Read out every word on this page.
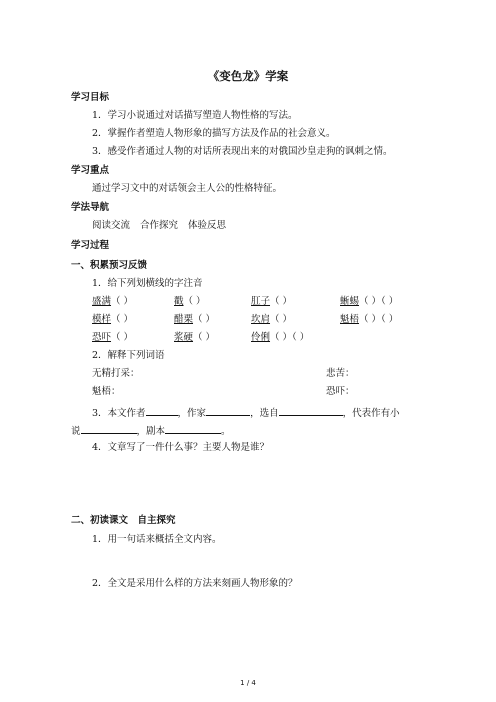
《变色龙》学案
学习目标
1．学习小说通过对话描写塑造人物性格的写法。
2．掌握作者塑造人物形象的描写方法及作品的社会意义。
3．感受作者通过人物的对话所表现出来的对俄国沙皇走狗的讽刺之情。
学习重点
通过学习文中的对话领会主人公的性格特征。
学法导航
阅读交流 合作探究 体验反思
学习过程
一、积累预习反馈
1．给下列划横线的字注音
盛满（ ）	戳（ ）	肛子（ ）	蜥蜴（ ）（ ）
模样（ ）	醋栗（ ）	坎肩（ ）	魁梧（ ）（ ）
恐吓（ ）	浆硬（ ）	伶俐（ ）（ ）
2．解释下列词语
无精打采：	悲苦：
魁梧：	恐吓：
3．本文作者	，作家	，选自	，代表作有小
说	，剧本	。
4．文章写了一件什么事？主要人物是谁？
二、初读课文　自主探究
1．用一句话来概括全文内容。
2．全文是采用什么样的方法来刻画人物形象的？
1 / 4
